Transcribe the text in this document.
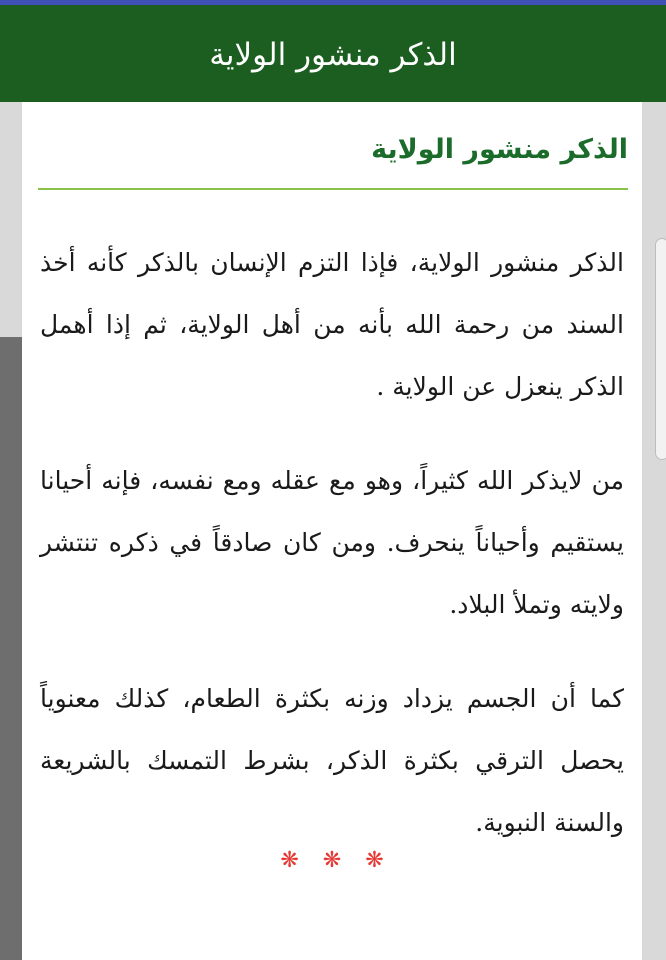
الذكر منشور الولاية
الذكر منشور الولاية

الذكر منشور الولاية، فإذا التزم الإنسان بالذكر كأنه أخذ السند من رحمة الله بأنه من أهل الولاية، ثم إذا أهمل الذكر ينعزل عن الولاية .

من لايذكر الله كثيراً، وهو مع عقله ومع نفسه، فإنه أحيانا يستقيم وأحياناً ينحرف. ومن كان صادقاً في ذكره تنتشر ولايته وتملأ البلاد.

كما أن الجسم يزداد وزنه بكثرة الطعام، كذلك معنوياً يحصل الترقي بكثرة الذكر، بشرط التمسك بالشريعة والسنة النبوية.

❋ ❋ ❋
